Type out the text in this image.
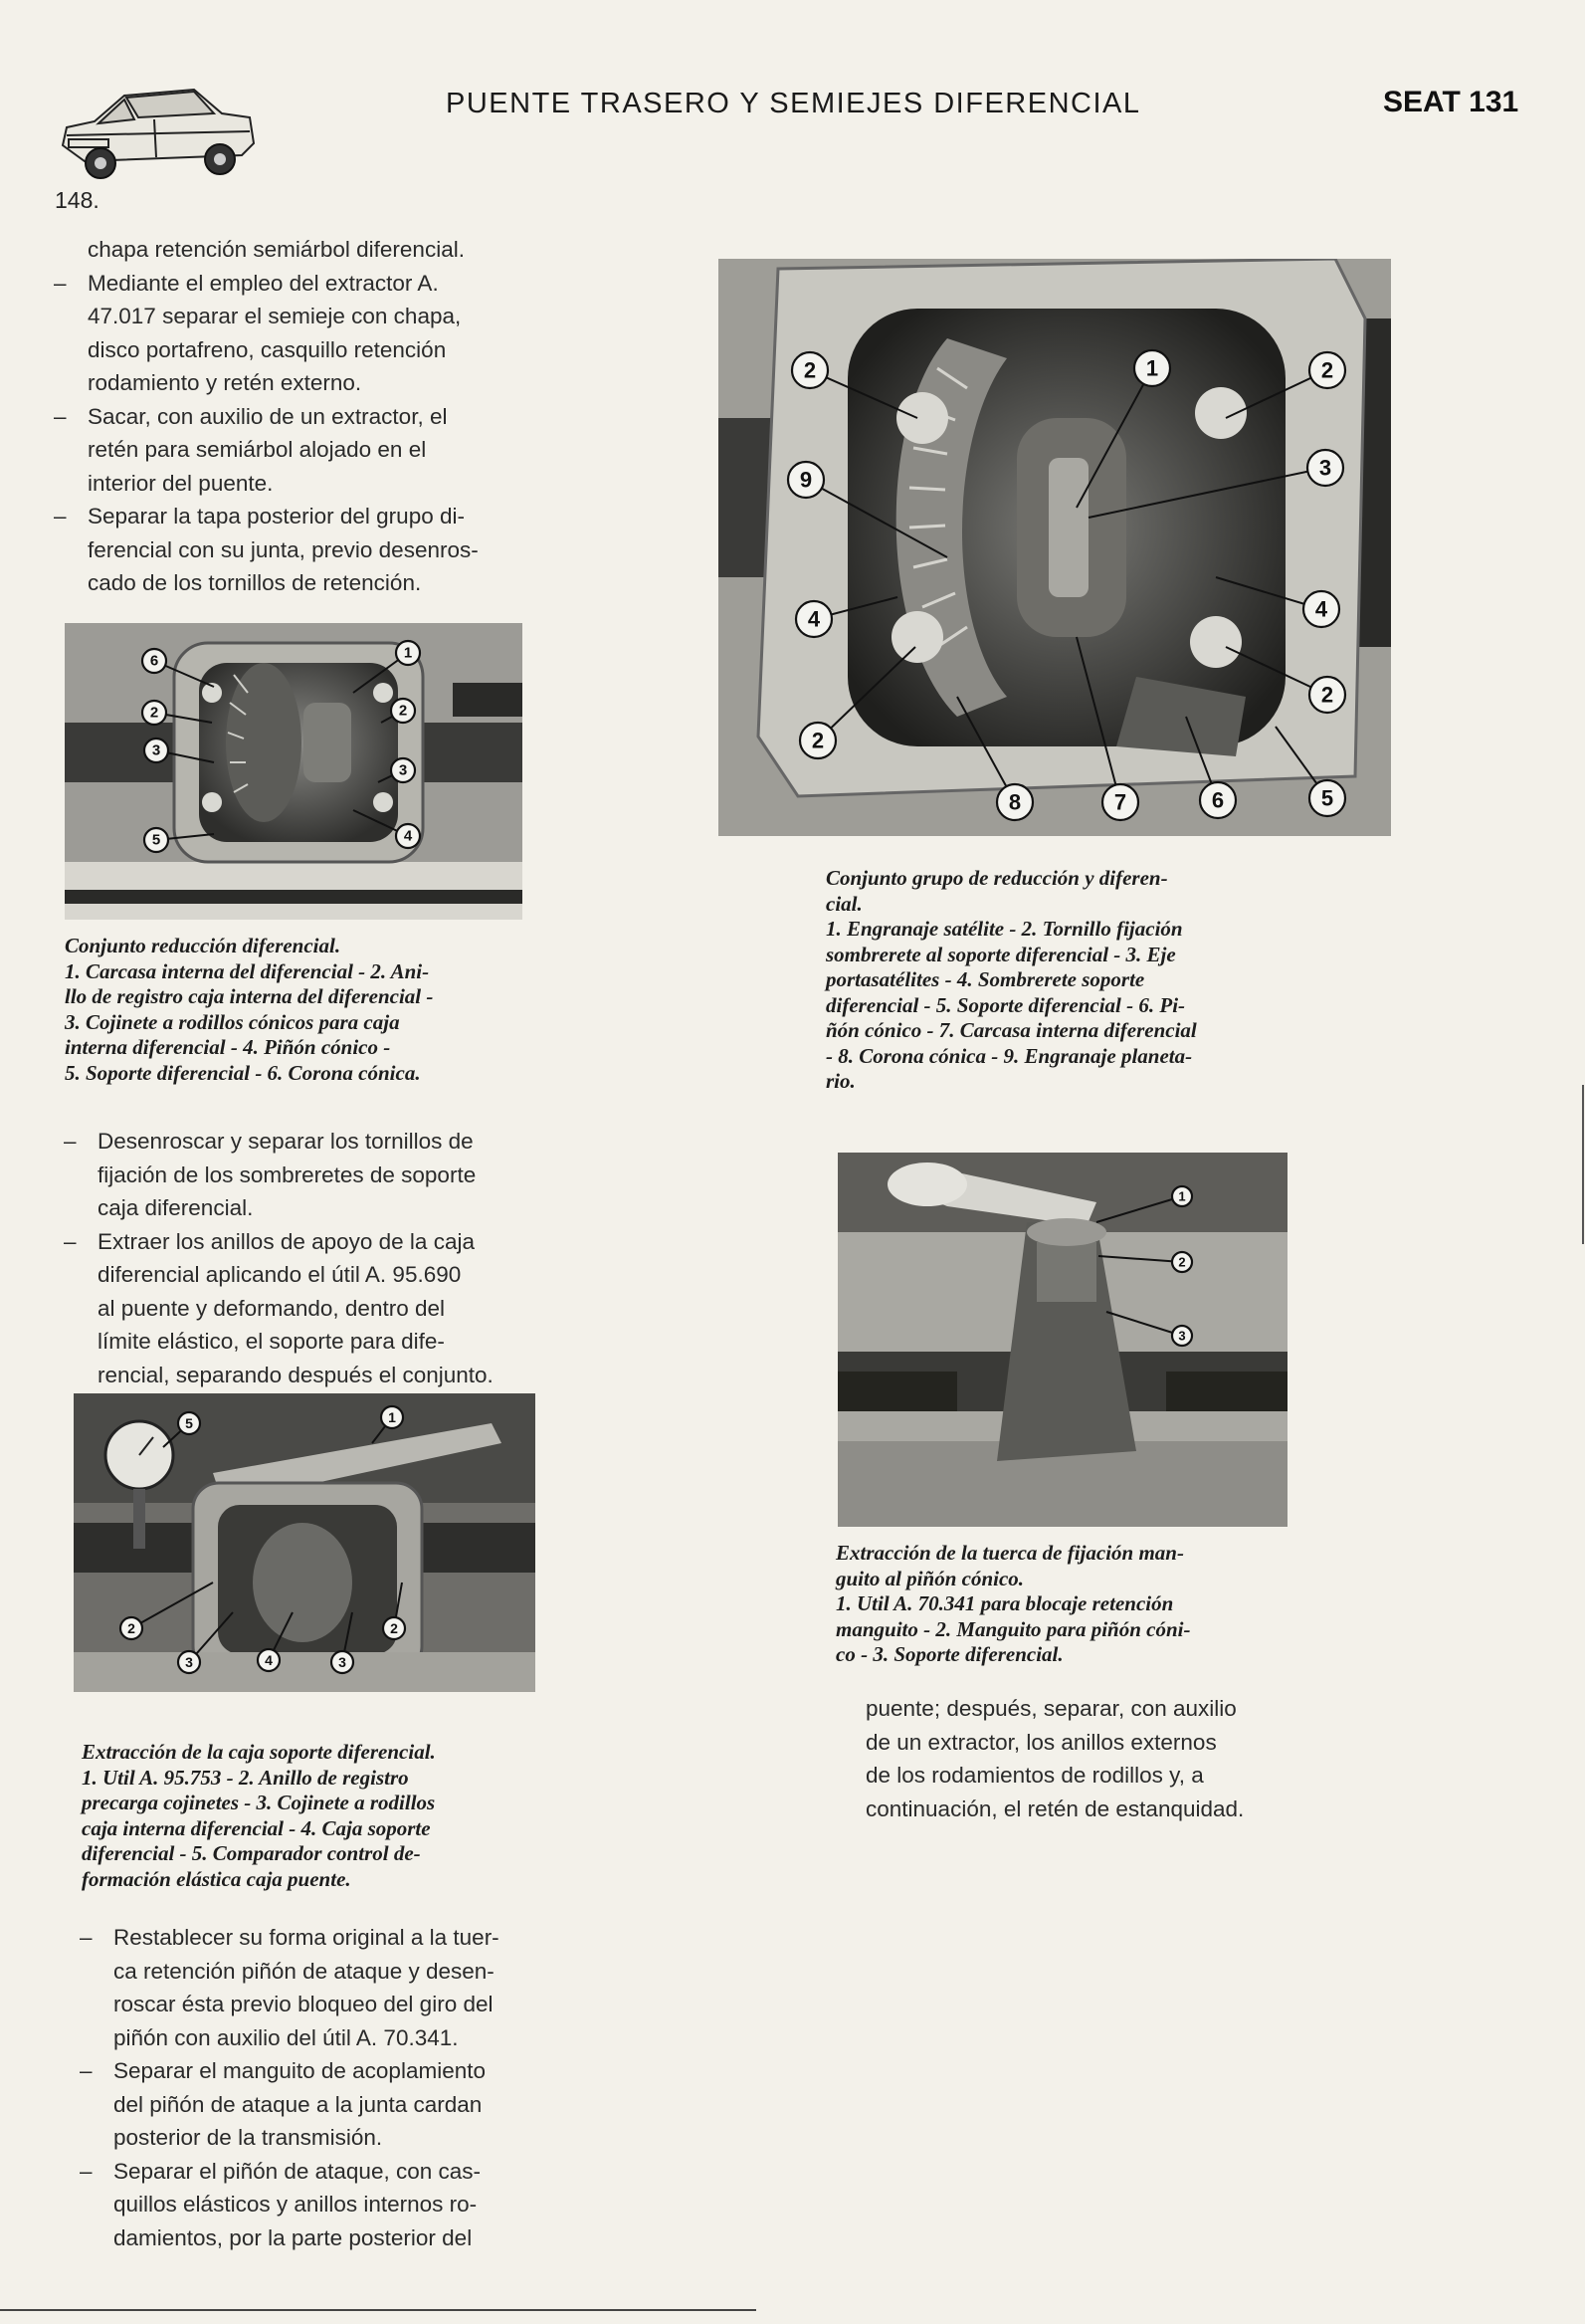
PUENTE TRASERO Y SEMIEJES DIFERENCIAL	SEAT 131
148.
chapa retención semiárbol diferencial.
– Mediante el empleo del extractor A.
47.017 separar el semieje con chapa,
disco portafreno, casquillo retención
rodamiento y retén externo.
– Sacar, con auxilio de un extractor, el
retén para semiárbol alojado en el
interior del puente.
– Separar la tapa posterior del grupo di-
ferencial con su junta, previo desenros-
cado de los tornillos de retención.
6	1
2	2
3
3
5	4
Conjunto reducción diferencial.
1. Carcasa interna del diferencial - 2. Ani-
llo de registro caja interna del diferencial -
3. Cojinete a rodillos cónicos para caja
interna diferencial - 4. Piñón cónico -
5. Soporte diferencial - 6. Corona cónica.
– Desenroscar y separar los tornillos de
fijación de los sombreretes de soporte
caja diferencial.
– Extraer los anillos de apoyo de la caja
diferencial aplicando el útil A. 95.690
al puente y deformando, dentro del
límite elástico, el soporte para dife-
rencial, separando después el conjunto.
5	1
2	2
3	4	3
Extracción de la caja soporte diferencial.
1. Util A. 95.753 - 2. Anillo de registro
precarga cojinetes - 3. Cojinete a rodillos
caja interna diferencial - 4. Caja soporte
diferencial - 5. Comparador control de-
formación elástica caja puente.
– Restablecer su forma original a la tuer-
ca retención piñón de ataque y desen-
roscar ésta previo bloqueo del giro del
piñón con auxilio del útil A. 70.341.
– Separar el manguito de acoplamiento
del piñón de ataque a la junta cardan
posterior de la transmisión.
– Separar el piñón de ataque, con cas-
quillos elásticos y anillos internos ro-
damientos, por la parte posterior del
2	1	2
9	3
4	4
2
2
8	7	6	5
Conjunto grupo de reducción y diferen-
cial.
1. Engranaje satélite - 2. Tornillo fijación
sombrerete al soporte diferencial - 3. Eje
portasatélites - 4. Sombrerete soporte
diferencial - 5. Soporte diferencial - 6. Pi-
ñón cónico - 7. Carcasa interna diferencial
- 8. Corona cónica - 9. Engranaje planeta-
rio.
1
2
3
Extracción de la tuerca de fijación man-
guito al piñón cónico.
1. Util A. 70.341 para blocaje retención
manguito - 2. Manguito para piñón cóni-
co - 3. Soporte diferencial.
puente; después, separar, con auxilio
de un extractor, los anillos externos
de los rodamientos de rodillos y, a
continuación, el retén de estanquidad.
